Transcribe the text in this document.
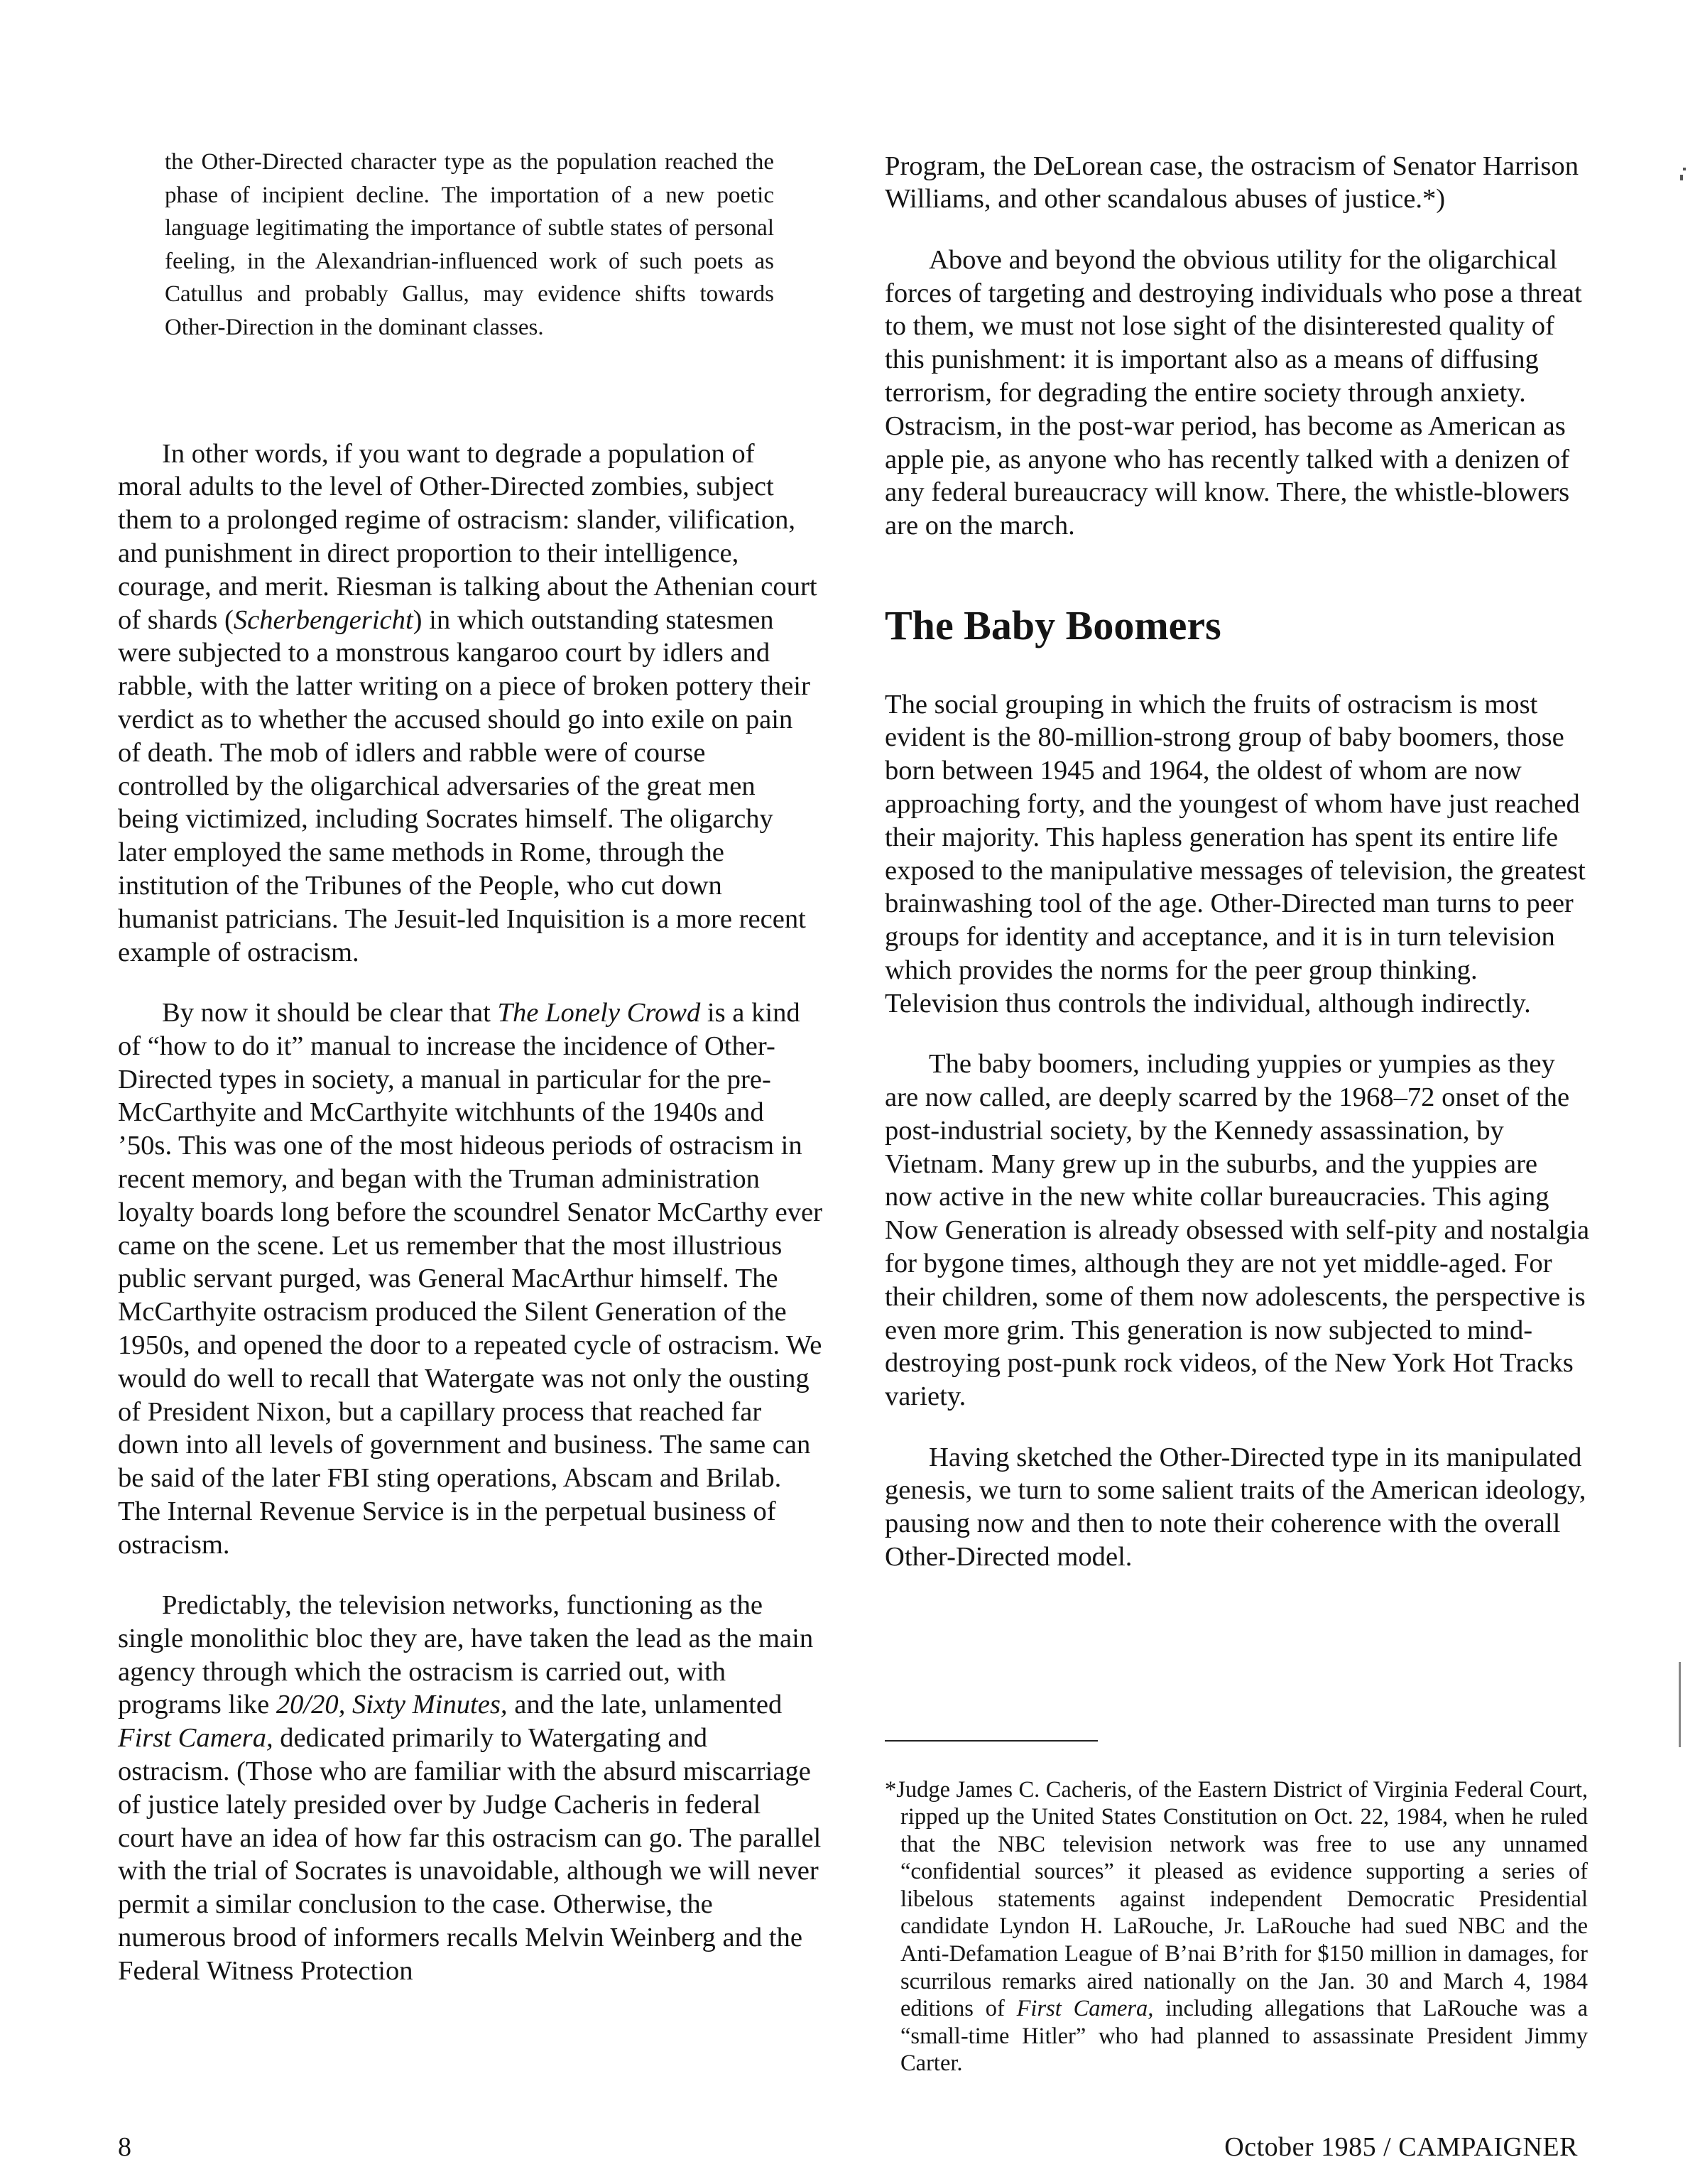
the Other-Directed character type as the population reached the phase of incipient decline. The importation of a new poetic language legitimating the importance of subtle states of personal feeling, in the Alexandrian-influenced work of such poets as Catullus and probably Gallus, may evidence shifts towards Other-Direction in the dominant classes.

In other words, if you want to degrade a population of moral adults to the level of Other-Directed zombies, subject them to a prolonged regime of ostracism: slander, vilification, and punishment in direct proportion to their intelligence, courage, and merit. Riesman is talking about the Athenian court of shards (Scherbengericht) in which outstanding statesmen were subjected to a monstrous kangaroo court by idlers and rabble, with the latter writing on a piece of broken pottery their verdict as to whether the accused should go into exile on pain of death. The mob of idlers and rabble were of course controlled by the oligarchical adversaries of the great men being victimized, including Socrates himself. The oligarchy later employed the same methods in Rome, through the institution of the Tribunes of the People, who cut down humanist patricians. The Jesuit-led Inquisition is a more recent example of ostracism.

By now it should be clear that The Lonely Crowd is a kind of “how to do it” manual to increase the incidence of Other-Directed types in society, a manual in particular for the pre-McCarthyite and McCarthyite witchhunts of the 1940s and ’50s. This was one of the most hideous periods of ostracism in recent memory, and began with the Truman administration loyalty boards long before the scoundrel Senator McCarthy ever came on the scene. Let us remember that the most illustrious public servant purged, was General MacArthur himself. The McCarthyite ostracism produced the Silent Generation of the 1950s, and opened the door to a repeated cycle of ostracism. We would do well to recall that Watergate was not only the ousting of President Nixon, but a capillary process that reached far down into all levels of government and business. The same can be said of the later FBI sting operations, Abscam and Brilab. The Internal Revenue Service is in the perpetual business of ostracism.

Predictably, the television networks, functioning as the single monolithic bloc they are, have taken the lead as the main agency through which the ostracism is carried out, with programs like 20/20, Sixty Minutes, and the late, unlamented First Camera, dedicated primarily to Watergating and ostracism. (Those who are familiar with the absurd miscarriage of justice lately presided over by Judge Cacheris in federal court have an idea of how far this ostracism can go. The parallel with the trial of Socrates is unavoidable, although we will never permit a similar conclusion to the case. Otherwise, the numerous brood of informers recalls Melvin Weinberg and the Federal Witness Protection

Program, the DeLorean case, the ostracism of Senator Harrison Williams, and other scandalous abuses of justice.*)

Above and beyond the obvious utility for the oligarchical forces of targeting and destroying individuals who pose a threat to them, we must not lose sight of the disinterested quality of this punishment: it is important also as a means of diffusing terrorism, for degrading the entire society through anxiety. Ostracism, in the post-war period, has become as American as apple pie, as anyone who has recently talked with a denizen of any federal bureaucracy will know. There, the whistle-blowers are on the march.

The Baby Boomers

The social grouping in which the fruits of ostracism is most evident is the 80-million-strong group of baby boomers, those born between 1945 and 1964, the oldest of whom are now approaching forty, and the youngest of whom have just reached their majority. This hapless generation has spent its entire life exposed to the manipulative messages of television, the greatest brainwashing tool of the age. Other-Directed man turns to peer groups for identity and acceptance, and it is in turn television which provides the norms for the peer group thinking. Television thus controls the individual, although indirectly.

The baby boomers, including yuppies or yumpies as they are now called, are deeply scarred by the 1968–72 onset of the post-industrial society, by the Kennedy assassination, by Vietnam. Many grew up in the suburbs, and the yuppies are now active in the new white collar bureaucracies. This aging Now Generation is already obsessed with self-pity and nostalgia for bygone times, although they are not yet middle-aged. For their children, some of them now adolescents, the perspective is even more grim. This generation is now subjected to mind-destroying post-punk rock videos, of the New York Hot Tracks variety.

Having sketched the Other-Directed type in its manipulated genesis, we turn to some salient traits of the American ideology, pausing now and then to note their coherence with the overall Other-Directed model.

*Judge James C. Cacheris, of the Eastern District of Virginia Federal Court, ripped up the United States Constitution on Oct. 22, 1984, when he ruled that the NBC television network was free to use any unnamed “confidential sources” it pleased as evidence supporting a series of libelous statements against independent Democratic Presidential candidate Lyndon H. LaRouche, Jr. LaRouche had sued NBC and the Anti-Defamation League of B’nai B’rith for $150 million in damages, for scurrilous remarks aired nationally on the Jan. 30 and March 4, 1984 editions of First Camera, including allegations that LaRouche was a “small-time Hitler” who had planned to assassinate President Jimmy Carter.

8	October 1985 / CAMPAIGNER
